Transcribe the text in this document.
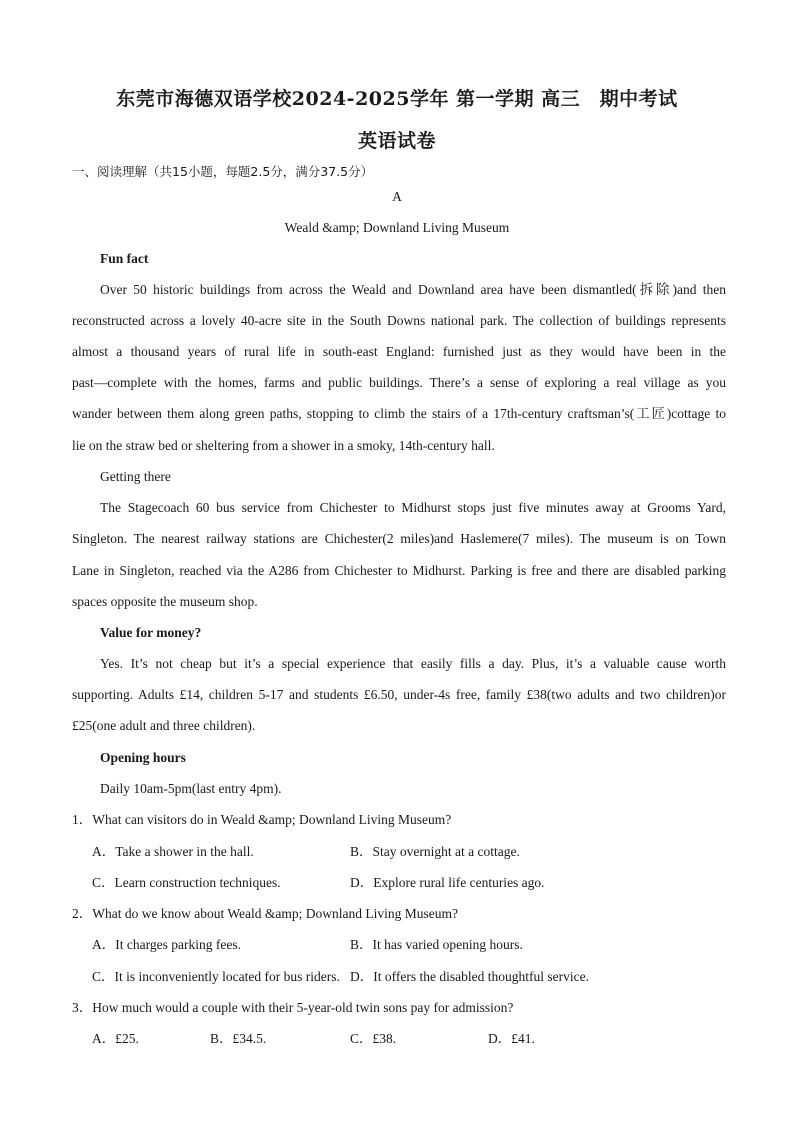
东莞市海德双语学校2024-2025学年 第一学期 高三　期中考试
英语试卷
一、阅读理解（共15小题，每题2.5分，满分37.5分）
A
Weald &amp; Downland Living Museum
Fun fact
Over 50 historic buildings from across the Weald and Downland area have been dismantled(拆除)and then
reconstructed across a lovely 40-acre site in the South Downs national park. The collection of buildings represents
almost a thousand years of rural life in south-east England: furnished just as they would have been in the
past—complete with the homes, farms and public buildings. There’s a sense of exploring a real village as you
wander between them along green paths, stopping to climb the stairs of a 17th-century craftsman’s(工匠)cottage to
lie on the straw bed or sheltering from a shower in a smoky, 14th-century hall.
Getting there
The Stagecoach 60 bus service from Chichester to Midhurst stops just five minutes away at Grooms Yard,
Singleton. The nearest railway stations are Chichester(2 miles)and Haslemere(7 miles). The museum is on Town
Lane in Singleton, reached via the A286 from Chichester to Midhurst. Parking is free and there are disabled parking
spaces opposite the museum shop.
Value for money?
Yes. It’s not cheap but it’s a special experience that easily fills a day. Plus, it’s a valuable cause worth
supporting. Adults £14, children 5-17 and students £6.50, under-4s free, family £38(two adults and two children)or
£25(one adult and three children).
Opening hours
Daily 10am-5pm(last entry 4pm).
1．What can visitors do in Weald &amp; Downland Living Museum?
A．Take a shower in the hall.	B．Stay overnight at a cottage.
C．Learn construction techniques.	D．Explore rural life centuries ago.
2．What do we know about Weald &amp; Downland Living Museum?
A．It charges parking fees.	B．It has varied opening hours.
C．It is inconveniently located for bus riders. D．It offers the disabled thoughtful service.
3．How much would a couple with their 5-year-old twin sons pay for admission?
A．£25.	B．£34.5.	C．£38.	D．£41.
